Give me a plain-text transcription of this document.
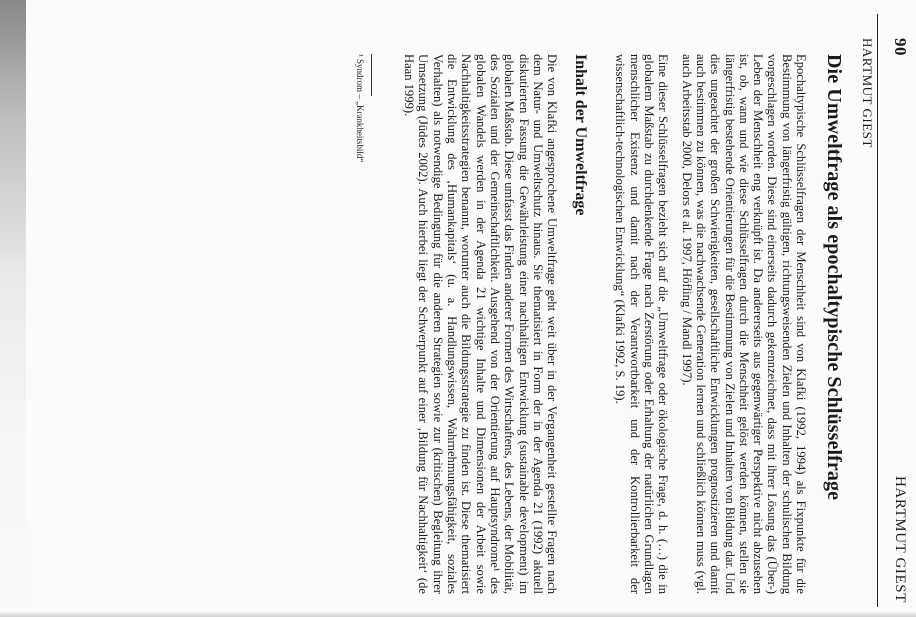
90
HARTMUT GIEST
HARTMUT GIEST
Die Umweltfrage als epochaltypische Schlüsselfrage

Epochaltypische Schlüsselfragen der Menschheit sind von Klafki (1992, 1994) als Fixpunkte für die Bestimmung von längerfristig gültigen, richtungsweisenden Zielen und Inhalten der schulischen Bildung vorgeschlagen worden. Diese sind einerseits dadurch gekennzeichnet, dass mit ihrer Lösung das (Über-) Leben der Menschheit eng verknüpft ist. Da andererseits aus gegenwärtiger Perspektive nicht abzusehen ist, ob, wann und wie diese Schlüsselfragen durch die Menschheit gelöst werden können, stellen sie längerfristig bestehende Orientierungen für die Bestimmung von Zielen und Inhalten von Bildung dar. Und dies ungeachtet der großen Schwierigkeiten, gesellschaftliche Entwicklungen prognostizieren und damit auch bestimmen zu können, was die nachwachsende Generation lernen und schließlich können muss (vgl. auch Arbeitsstab 2000, Delors et al. 1997, Höfling / Mandl 1997).

Eine dieser Schlüsselfragen bezieht sich auf die „Umweltfrage oder ökologische Frage, d. h. (…) die in globalem Maßstab zu durchdenkende Frage nach Zerstörung oder Erhaltung der natürlichen Grundlagen menschlicher Existenz und damit nach der Verantwortbarkeit und der Kontrollierbarkeit der wissenschaftlich-technologischen Entwicklung“ (Klafki 1992, S. 19).

Inhalt der Umweltfrage

Die von Klafki angesprochene Umweltfrage geht weit über in der Vergangenheit gestellte Fragen nach dem Natur- und Umweltschutz hinaus. Sie thematisiert in Form der in der Agenda 21 (1992) aktuell diskutierten Fassung die Gewährleistung einer nachhaltigen Entwicklung (sustainable development) im globalen Maßstab. Diese umfasst das Finden anderer Formen des Wirtschaftens, des Lebens, der Mobilität, des Sozialen und der Gemeinschaftlichkeit. Ausgehend von der Orientierung auf Hauptsyndrome¹ des globalen Wandels werden in der Agenda 21 wichtige Inhalte und Dimensionen der Arbeit sowie Nachhaltigkeitsstrategien benannt, worunter auch die Bildungsstrategie zu finden ist. Diese thematisiert die Entwicklung des ‚Humankapitals‘ (u. a. Handlungswissen, Wahrnehmungsfähigkeit, soziales Verhalten) als notwendige Bedingung für die anderen Strategien sowie zur (kritischen) Begleitung ihrer Umsetzung (Jüdes 2002). Auch hierbei liegt der Schwerpunkt auf einer ‚Bildung für Nachhaltigkeit‘ (de Haan 1999).

¹ Syndrom – „Krankheitsbild“
